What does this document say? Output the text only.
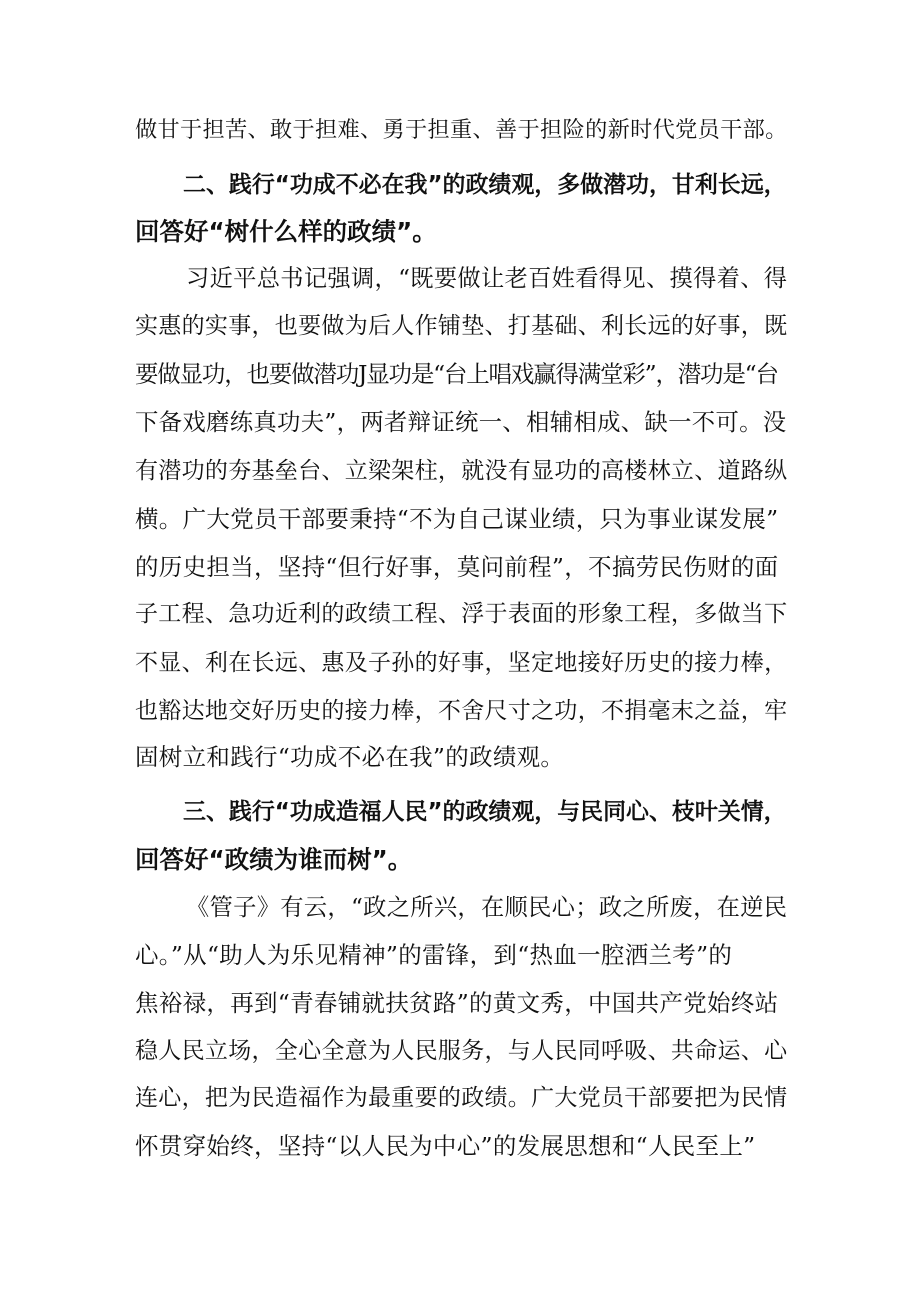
做甘于担苦、敢于担难、勇于担重、善于担险的新时代党员干部。
二、践行“功成不必在我”的政绩观，多做潜功，甘利长远，
回答好“树什么样的政绩”。
习近平总书记强调，“既要做让老百姓看得见、摸得着、得
实惠的实事，也要做为后人作铺垫、打基础、利长远的好事，既
要做显功，也要做潜功J显功是“台上唱戏赢得满堂彩”，潜功是“台
下备戏磨练真功夫”，两者辩证统一、相辅相成、缺一不可。没
有潜功的夯基垒台、立梁架柱，就没有显功的高楼林立、道路纵
横。广大党员干部要秉持“不为自己谋业绩，只为事业谋发展”
的历史担当，坚持“但行好事，莫问前程”，不搞劳民伤财的面
子工程、急功近利的政绩工程、浮于表面的形象工程，多做当下
不显、利在长远、惠及子孙的好事，坚定地接好历史的接力棒，
也豁达地交好历史的接力棒，不舍尺寸之功，不捐毫末之益，牢
固树立和践行“功成不必在我”的政绩观。
三、践行“功成造福人民”的政绩观，与民同心、枝叶关情，
回答好“政绩为谁而树”。
《管子》有云，“政之所兴，在顺民心；政之所废，在逆民
心。”从“助人为乐见精神”的雷锋，到“热血一腔洒兰考”的
焦裕禄，再到“青春铺就扶贫路”的黄文秀，中国共产党始终站
稳人民立场，全心全意为人民服务，与人民同呼吸、共命运、心
连心，把为民造福作为最重要的政绩。广大党员干部要把为民情
怀贯穿始终，坚持“以人民为中心”的发展思想和“人民至上”
